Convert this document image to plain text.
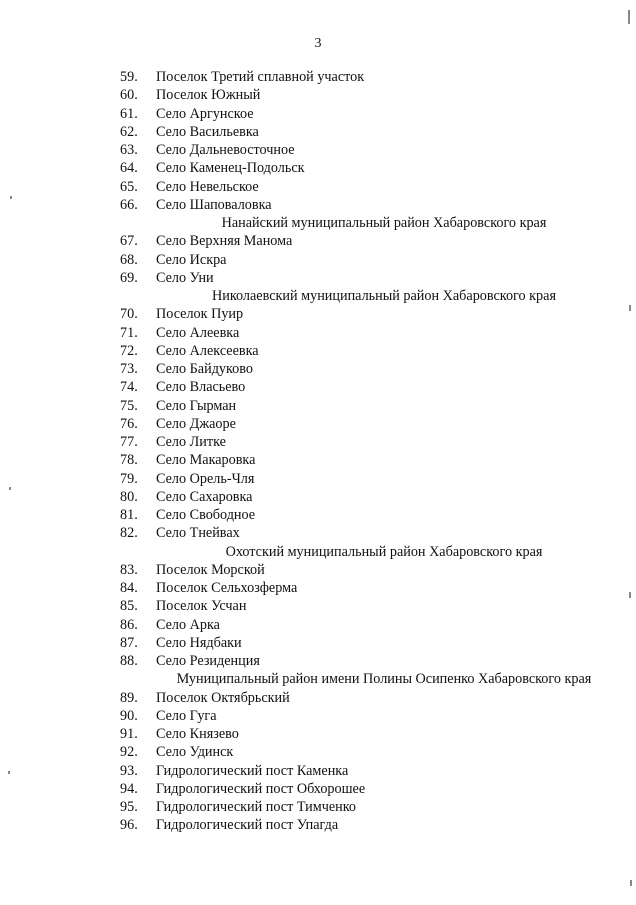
3
59. Поселок Третий сплавной участок
60. Поселок Южный
61. Село Аргунское
62. Село Васильевка
63. Село Дальневосточное
64. Село Каменец-Подольск
65. Село Невельское
66. Село Шаповаловка
Нанайский муниципальный район Хабаровского края
67. Село Верхняя Манома
68. Село Искра
69. Село Уни
Николаевский муниципальный район Хабаровского края
70. Поселок Пуир
71. Село Алеевка
72. Село Алексеевка
73. Село Байдуково
74. Село Власьево
75. Село Гырман
76. Село Джаоре
77. Село Литке
78. Село Макаровка
79. Село Орель-Чля
80. Село Сахаровка
81. Село Свободное
82. Село Тнейвах
Охотский муниципальный район Хабаровского края
83. Поселок Морской
84. Поселок Сельхозферма
85. Поселок Усчан
86. Село Арка
87. Село Нядбаки
88. Село Резиденция
Муниципальный район имени Полины Осипенко Хабаровского края
89. Поселок Октябрьский
90. Село Гуга
91. Село Князево
92. Село Удинск
93. Гидрологический пост Каменка
94. Гидрологический пост Обхорошее
95. Гидрологический пост Тимченко
96. Гидрологический пост Упагда
